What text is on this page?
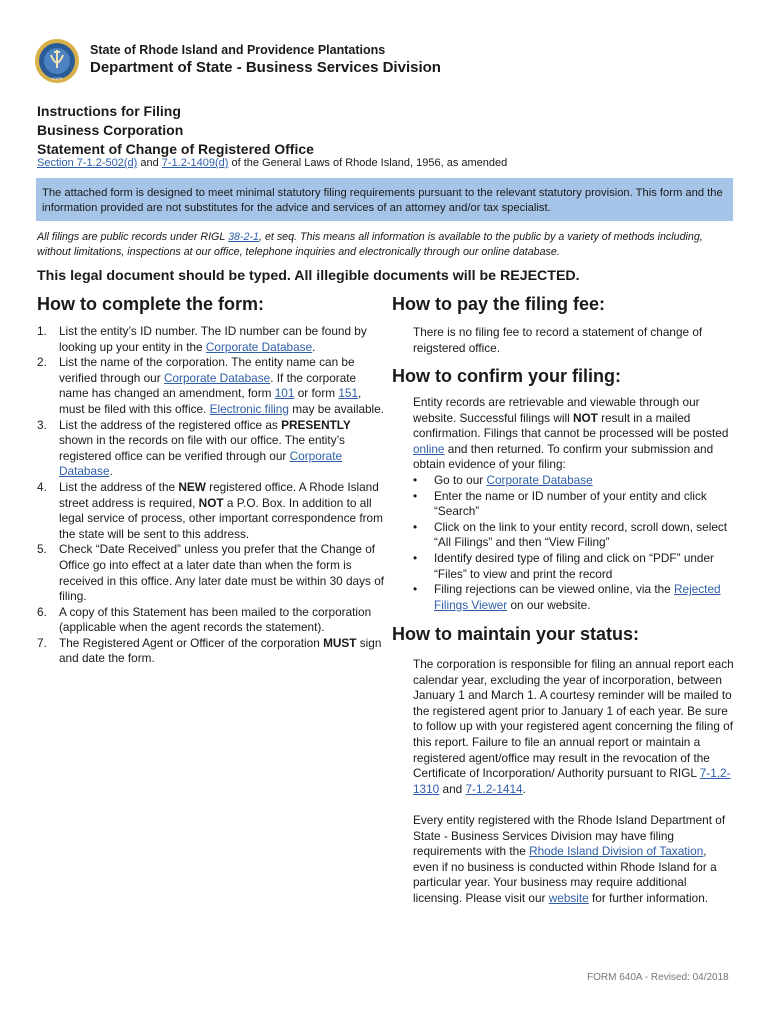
HOPE
State of Rhode Island and Providence Plantations
Department of State - Business Services Division
Instructions for Filing
Business Corporation
Statement of Change of Registered Office
Section 7-1.2-502(d) and 7-1.2-1409(d) of the General Laws of Rhode Island, 1956, as amended
The attached form is designed to meet minimal statutory filing requirements pursuant to the relevant statutory provision. This form and the information provided are not substitutes for the advice and services of an attorney and/or tax specialist.
All filings are public records under RIGL 38-2-1, et seq. This means all information is available to the public by a variety of methods including, without limitations, inspections at our office, telephone inquiries and electronically through our online database.
This legal document should be typed. All illegible documents will be REJECTED.
How to complete the form:	How to pay the filing fee:
How to confirm your filing:
How to maintain your status:
1. List the entity’s ID number. The ID number can be found by looking up your entity in the Corporate Database.
2. List the name of the corporation. The entity name can be verified through our Corporate Database. If the corporate name has changed an amendment, form 101 or form 151, must be filed with this office. Electronic filing may be available.
3. List the address of the registered office as PRESENTLY shown in the records on file with our office. The entity’s registered office can be verified through our Corporate Database.
4. List the address of the NEW registered office. A Rhode Island street address is required, NOT a P.O. Box. In addition to all legal service of process, other important correspondence from the state will be sent to this address.
5. Check “Date Received” unless you prefer that the Change of Office go into effect at a later date than when the form is received in this office. Any later date must be within 30 days of filing.
6. A copy of this Statement has been mailed to the corporation (applicable when the agent records the statement).
7. The Registered Agent or Officer of the corporation MUST sign and date the form.
There is no filing fee to record a statement of change of reigstered office.
Entity records are retrievable and viewable through our website. Successful filings will NOT result in a mailed confirmation. Filings that cannot be processed will be posted online and then returned. To confirm your submission and obtain evidence of your filing:
• Go to our Corporate Database
• Enter the name or ID number of your entity and click “Search”
• Click on the link to your entity record, scroll down, select “All Filings” and then “View Filing”
• Identify desired type of filing and click on “PDF” under “Files” to view and print the record
• Filing rejections can be viewed online, via the Rejected Filings Viewer on our website.
The corporation is responsible for filing an annual report each calendar year, excluding the year of incorporation, between January 1 and March 1. A courtesy reminder will be mailed to the registered agent prior to January 1 of each year. Be sure to follow up with your registered agent concerning the filing of this report. Failure to file an annual report or maintain a registered agent/office may result in the revocation of the Certificate of Incorporation/ Authority pursuant to RIGL 7-1.2-1310 and 7-1.2-1414.
Every entity registered with the Rhode Island Department of State - Business Services Division may have filing requirements with the Rhode Island Division of Taxation, even if no business is conducted within Rhode Island for a particular year. Your business may require additional licensing. Please visit our website for further information.
FORM 640A - Revised: 04/2018
